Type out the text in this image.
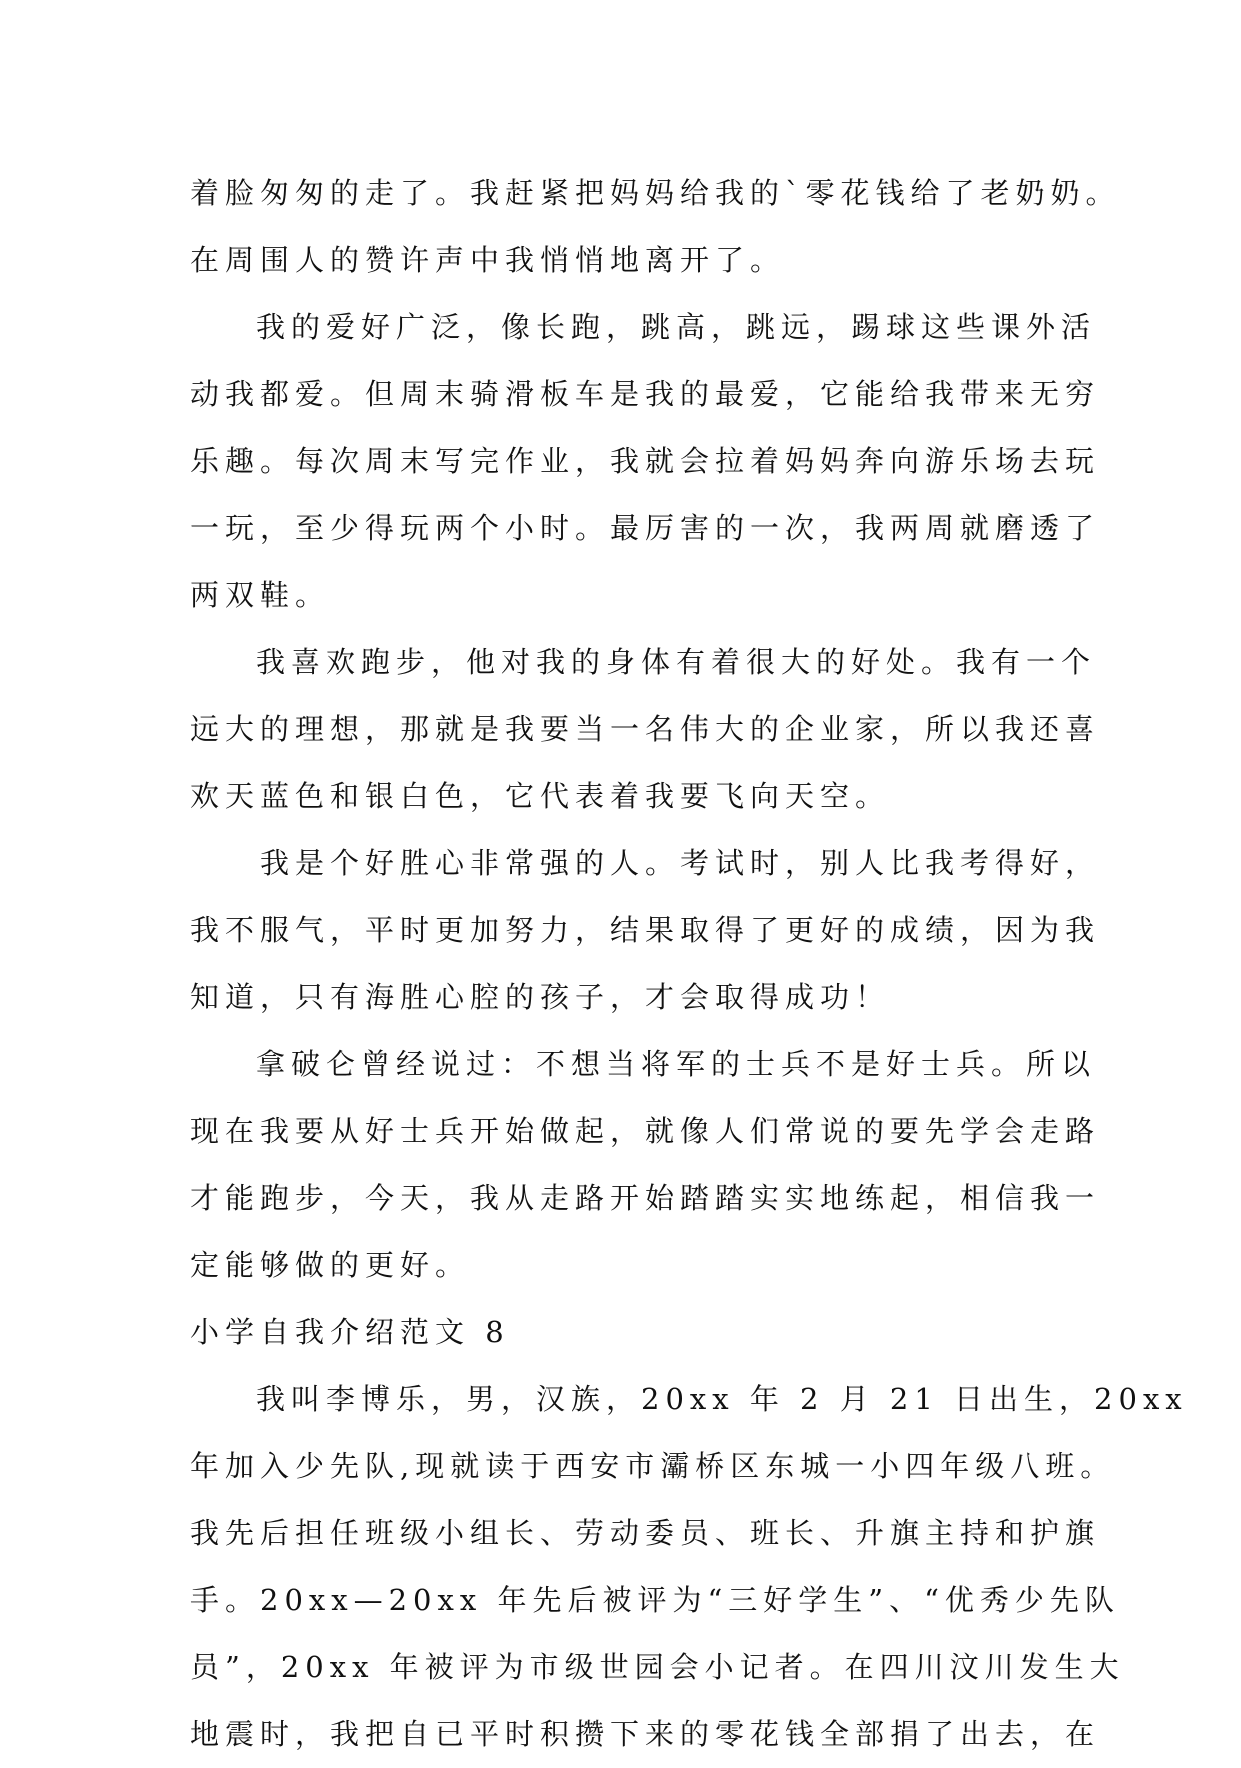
着脸匆匆的走了。我赶紧把妈妈给我的`零花钱给了老奶奶。
在周围人的赞许声中我悄悄地离开了。
我的爱好广泛，像长跑，跳高，跳远，踢球这些课外活
动我都爱。但周末骑滑板车是我的最爱，它能给我带来无穷
乐趣。每次周末写完作业，我就会拉着妈妈奔向游乐场去玩
一玩，至少得玩两个小时。最厉害的一次，我两周就磨透了
两双鞋。
我喜欢跑步，他对我的身体有着很大的好处。我有一个
远大的理想，那就是我要当一名伟大的企业家，所以我还喜
欢天蓝色和银白色，它代表着我要飞向天空。
我是个好胜心非常强的人。考试时，别人比我考得好，
我不服气，平时更加努力，结果取得了更好的成绩，因为我
知道，只有海胜心腔的孩子，才会取得成功！
拿破仑曾经说过：不想当将军的士兵不是好士兵。所以
现在我要从好士兵开始做起，就像人们常说的要先学会走路
才能跑步，今天，我从走路开始踏踏实实地练起，相信我一
定能够做的更好。
小学自我介绍范文 8
我叫李博乐，男，汉族，20xx 年 2 月 21 日出生，20xx
年加入少先队,现就读于西安市灞桥区东城一小四年级八班。
我先后担任班级小组长、劳动委员、班长、升旗主持和护旗
手。20xx—20xx 年先后被评为“三好学生”、“优秀少先队
员”，20xx 年被评为市级世园会小记者。在四川汶川发生大
地震时，我把自已平时积攒下来的零花钱全部捐了出去，在
